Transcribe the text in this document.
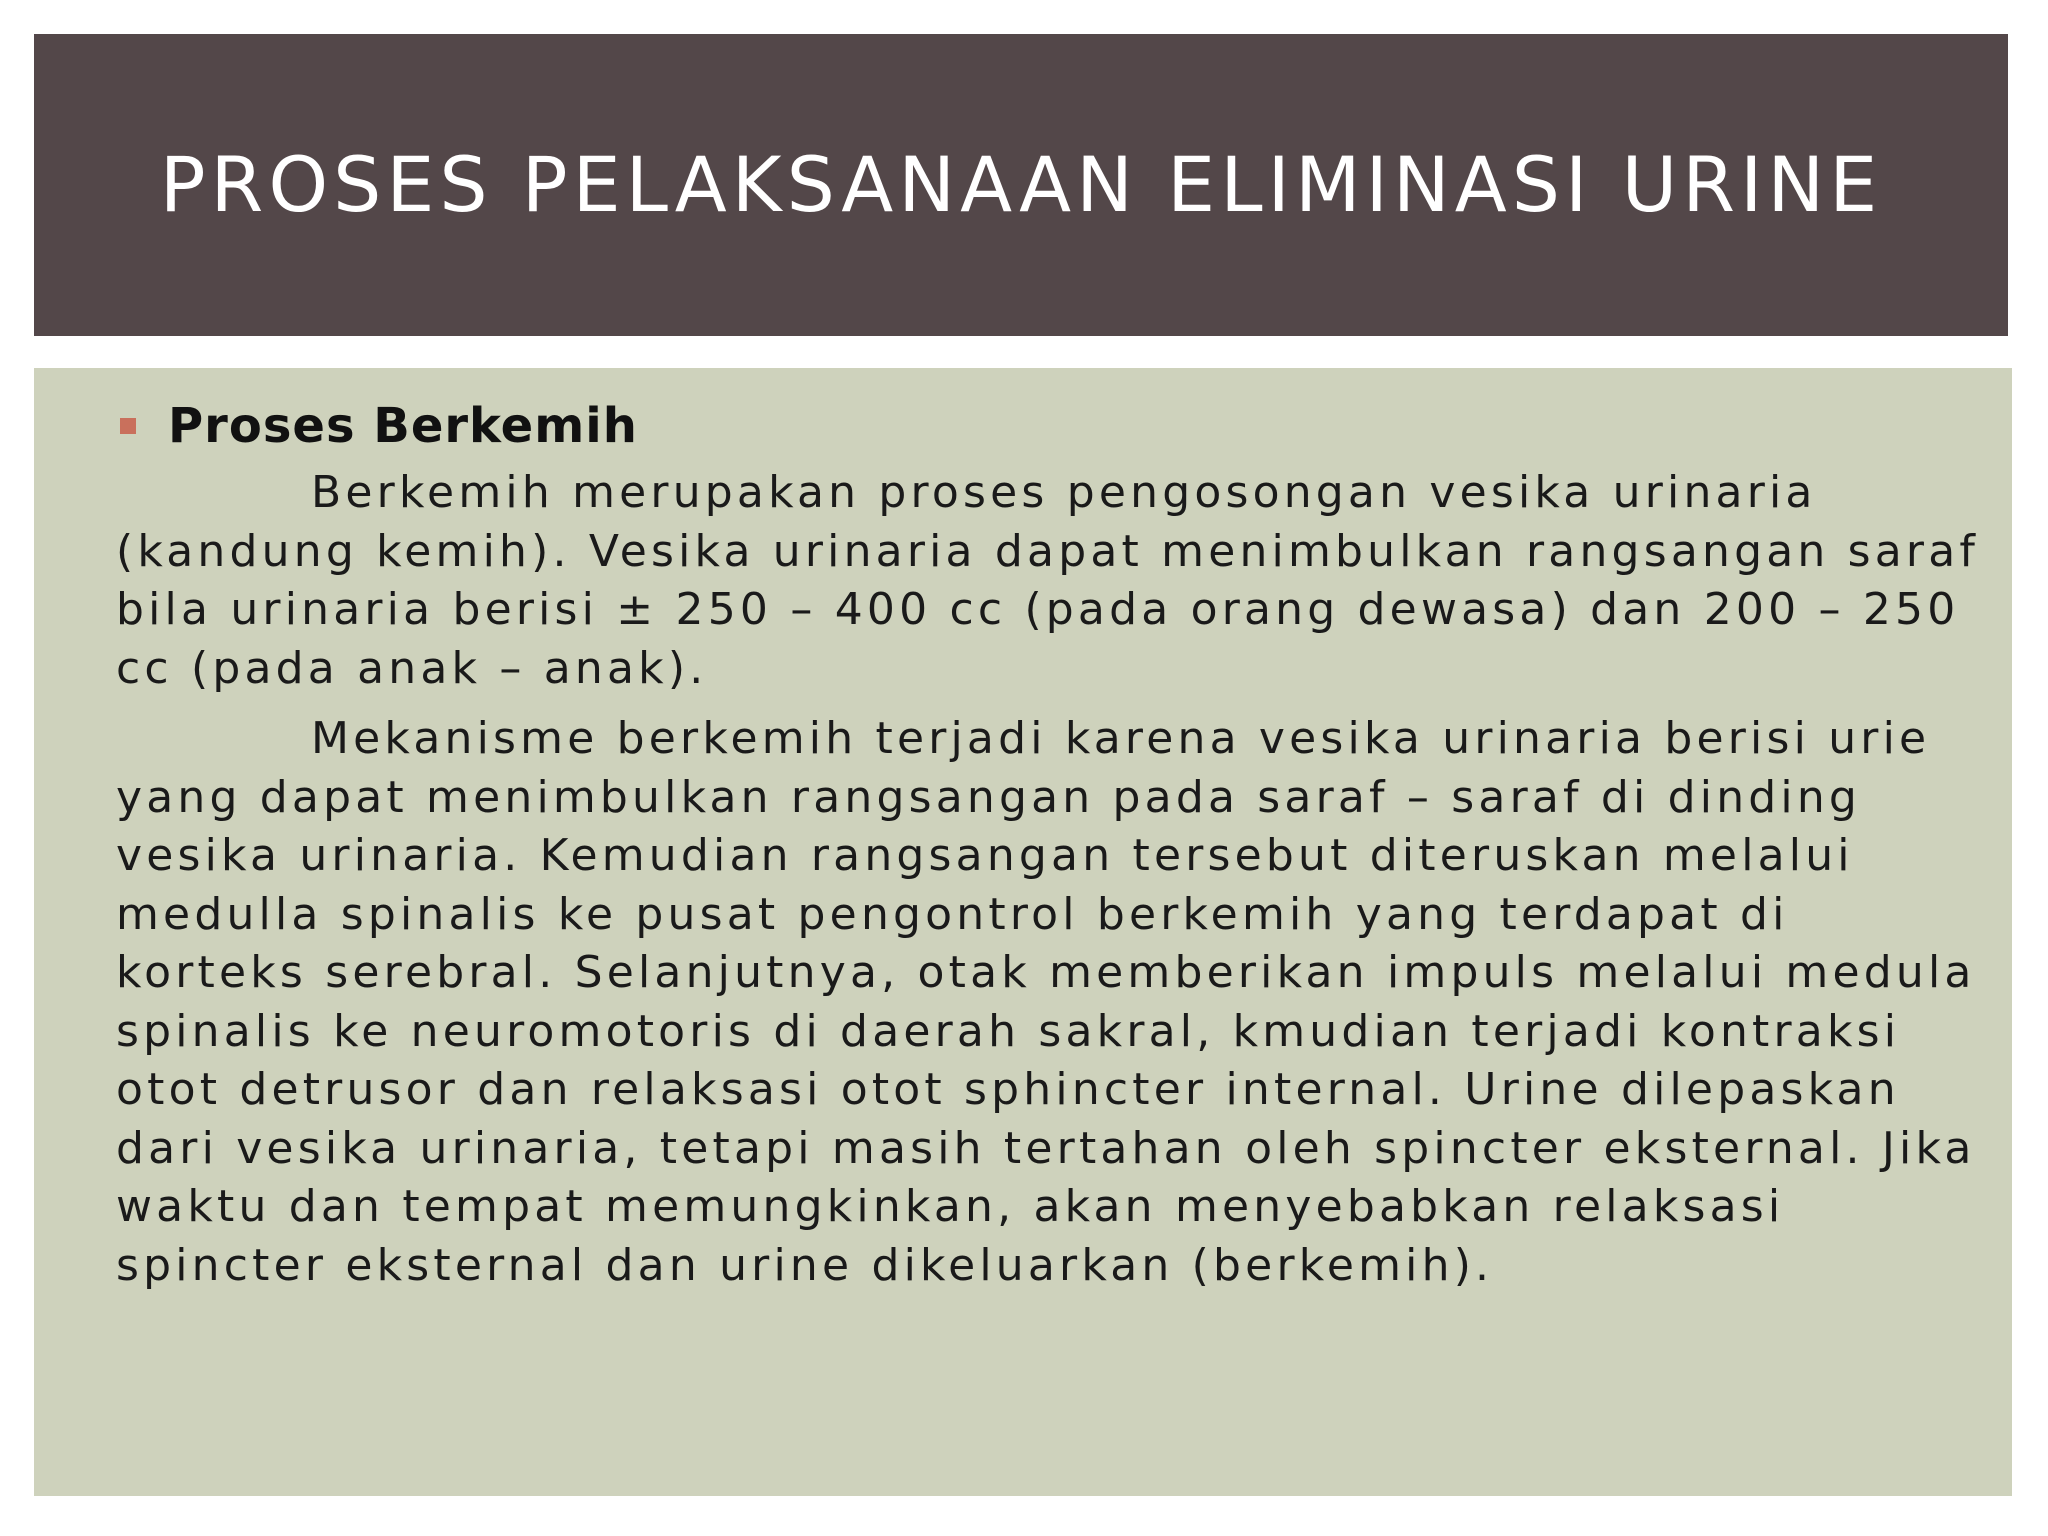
PROSES PELAKSANAAN ELIMINASI URINE
Proses Berkemih

Berkemih merupakan proses pengosongan vesika urinaria (kandung kemih). Vesika urinaria dapat menimbulkan rangsangan saraf bila urinaria berisi ± 250 – 400 cc (pada orang dewasa) dan 200 – 250 cc (pada anak – anak).

Mekanisme berkemih terjadi karena vesika urinaria berisi urie yang dapat menimbulkan rangsangan pada saraf – saraf di dinding vesika urinaria. Kemudian rangsangan tersebut diteruskan melalui medulla spinalis ke pusat pengontrol berkemih yang terdapat di korteks serebral. Selanjutnya, otak memberikan impuls melalui medula spinalis ke neuromotoris di daerah sakral, kmudian terjadi kontraksi otot detrusor dan relaksasi otot sphincter internal. Urine dilepaskan dari vesika urinaria, tetapi masih tertahan oleh spincter eksternal. Jika waktu dan tempat memungkinkan, akan menyebabkan relaksasi spincter eksternal dan urine dikeluarkan (berkemih).
